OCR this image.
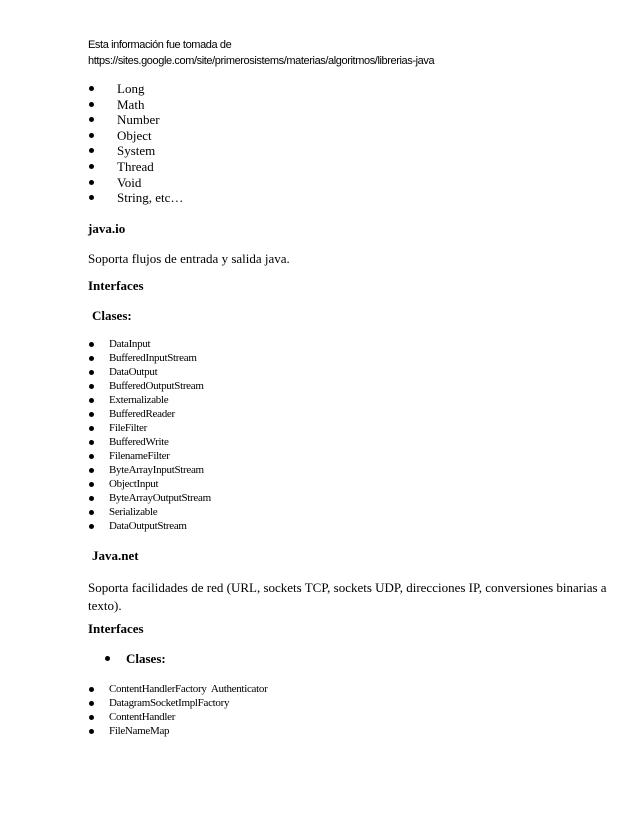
Esta información fue tomada de
https://sites.google.com/site/primerosistems/materias/algoritmos/librerias-java
Long
Math
Number
Object
System
Thread
Void
String, etc…
java.io
Soporta flujos de entrada y salida java.
Interfaces
Clases:
DataInput
BufferedInputStream
DataOutput
BufferedOutputStream
Externalizable
BufferedReader
FileFilter
BufferedWrite
FilenameFilter
ByteArrayInputStream
ObjectInput
ByteArrayOutputStream
Serializable
DataOutputStream
Java.net
Soporta facilidades de red (URL, sockets TCP, sockets UDP, direcciones IP, conversiones binarias a texto).
Interfaces
Clases:
ContentHandlerFactory  Authenticator
DatagramSocketImplFactory
ContentHandler
FileNameMap
